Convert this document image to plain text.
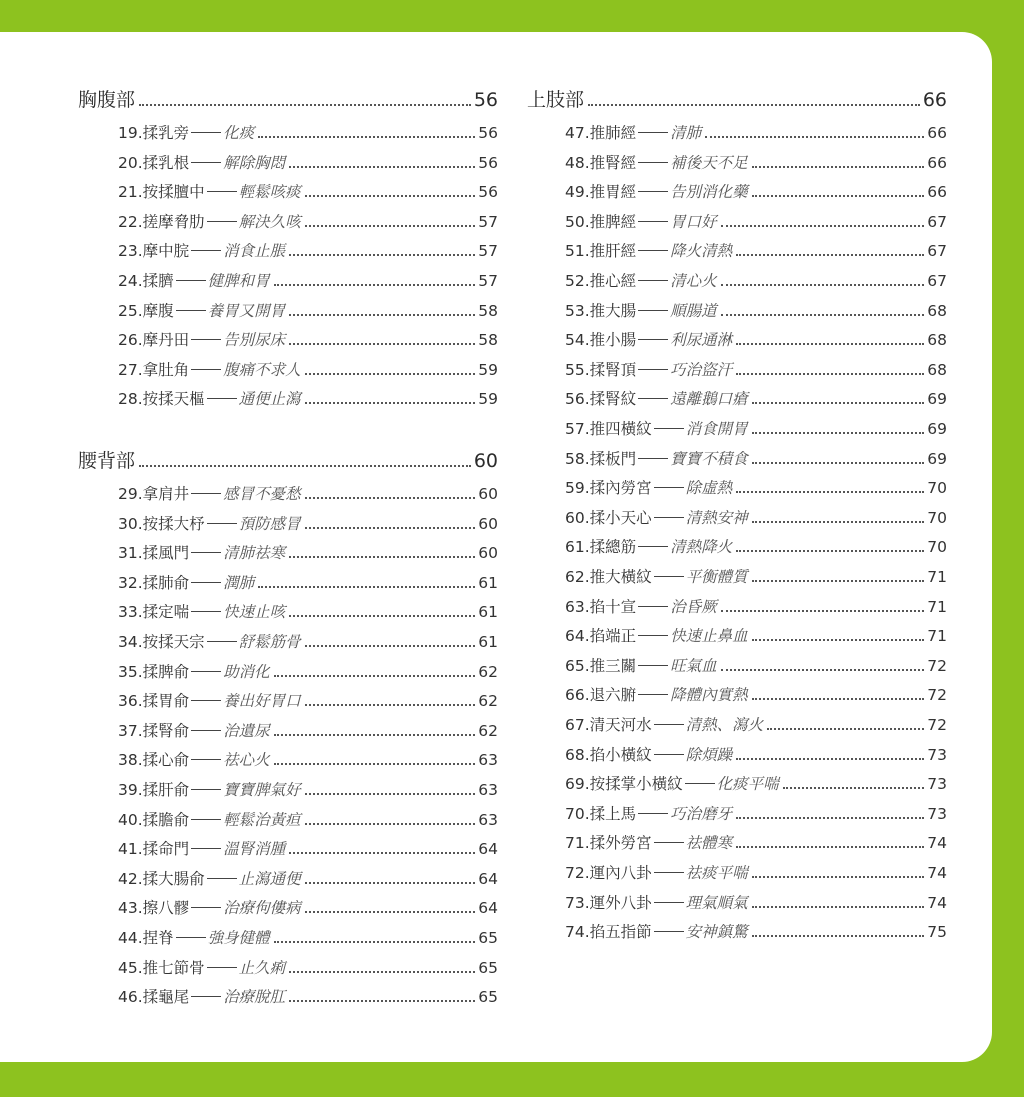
胸腹部	56
19. 揉乳旁 化痰	56
20. 揉乳根 解除胸悶	56
21. 按揉膻中 輕鬆咳痰	56
22. 搓摩脅肋 解決久咳	57
23. 摩中脘 消食止脹	57
24. 揉臍 健脾和胃	57
25. 摩腹 養胃又開胃	58
26. 摩丹田 告別尿床	58
27. 拿肚角 腹痛不求人	59
28. 按揉天樞 通便止瀉	59
腰背部	60
29. 拿肩井 感冒不憂愁	60
30. 按揉大杼 預防感冒	60
31. 揉風門 清肺祛寒	60
32. 揉肺俞 潤肺	61
33. 揉定喘 快速止咳	61
34. 按揉天宗 舒鬆筋骨	61
35. 揉脾俞 助消化	62
36. 揉胃俞 養出好胃口	62
37. 揉腎俞 治遺尿	62
38. 揉心俞 祛心火	63
39. 揉肝俞 寶寶脾氣好	63
40. 揉膽俞 輕鬆治黃疸	63
41. 揉命門 溫腎消腫	64
42. 揉大腸俞 止瀉通便	64
43. 擦八髎 治療佝僂病	64
44. 捏脊 強身健體	65
45. 推七節骨 止久痢	65
46. 揉龜尾 治療脫肛	65
上肢部	66
47. 推肺經 清肺	66
48. 推腎經 補後天不足	66
49. 推胃經 告別消化藥	66
50. 推脾經 胃口好	67
51. 推肝經 降火清熱	67
52. 推心經 清心火	67
53. 推大腸 順腸道	68
54. 推小腸 利尿通淋	68
55. 揉腎頂 巧治盜汗	68
56. 揉腎紋 遠離鵝口瘡	69
57. 推四橫紋 消食開胃	69
58. 揉板門 寶寶不積食	69
59. 揉內勞宮 除虛熱	70
60. 揉小天心 清熱安神	70
61. 揉總筋 清熱降火	70
62. 推大橫紋 平衡體質	71
63. 掐十宣 治昏厥	71
64. 掐端正 快速止鼻血	71
65. 推三關 旺氣血	72
66. 退六腑 降體內實熱	72
67. 清天河水 清熱、瀉火	72
68. 掐小橫紋 除煩躁	73
69. 按揉掌小橫紋 化痰平喘	73
70. 揉上馬 巧治磨牙	73
71. 揉外勞宮 祛體寒	74
72. 運內八卦 祛痰平喘	74
73. 運外八卦 理氣順氣	74
74. 掐五指節 安神鎮驚	75
